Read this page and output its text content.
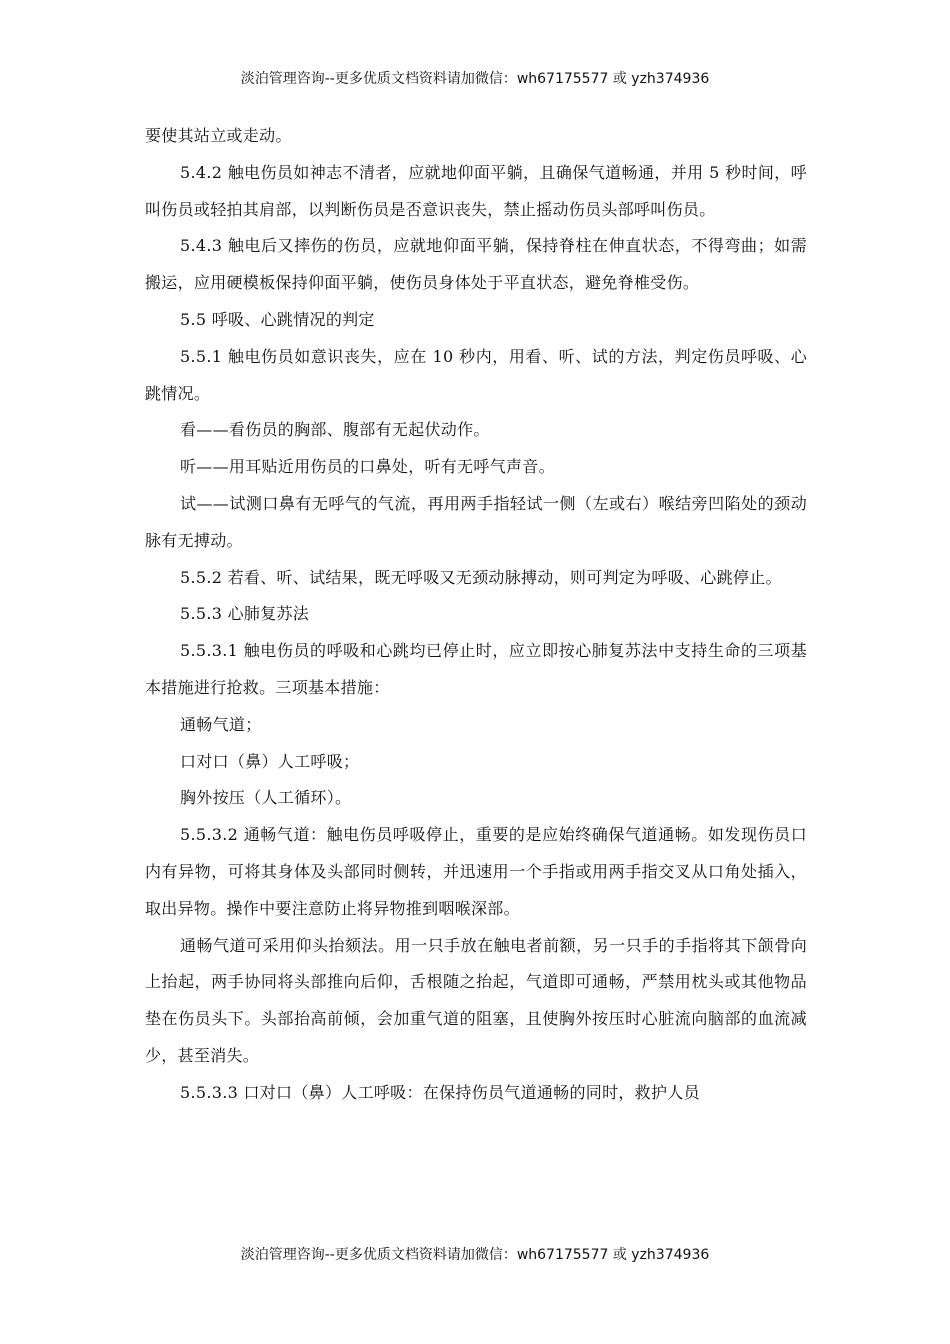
淡泊管理咨询--更多优质文档资料请加微信：wh67175577 或 yzh374936

要使其站立或走动。

5.4.2 触电伤员如神志不清者，应就地仰面平躺，且确保气道畅通，并用 5 秒时间，呼叫伤员或轻拍其肩部，以判断伤员是否意识丧失，禁止摇动伤员头部呼叫伤员。

5.4.3 触电后又摔伤的伤员，应就地仰面平躺，保持脊柱在伸直状态，不得弯曲；如需搬运，应用硬模板保持仰面平躺，使伤员身体处于平直状态，避免脊椎受伤。

5.5 呼吸、心跳情况的判定

5.5.1 触电伤员如意识丧失，应在 10 秒内，用看、听、试的方法，判定伤员呼吸、心跳情况。

看——看伤员的胸部、腹部有无起伏动作。

听——用耳贴近用伤员的口鼻处，听有无呼气声音。

试——试测口鼻有无呼气的气流，再用两手指轻试一侧（左或右）喉结旁凹陷处的颈动脉有无搏动。

5.5.2 若看、听、试结果，既无呼吸又无颈动脉搏动，则可判定为呼吸、心跳停止。

5.5.3 心肺复苏法

5.5.3.1 触电伤员的呼吸和心跳均已停止时，应立即按心肺复苏法中支持生命的三项基本措施进行抢救。三项基本措施：

通畅气道；

口对口（鼻）人工呼吸；

胸外按压（人工循环）。

5.5.3.2 通畅气道：触电伤员呼吸停止，重要的是应始终确保气道通畅。如发现伤员口内有异物，可将其身体及头部同时侧转，并迅速用一个手指或用两手指交叉从口角处插入，取出异物。操作中要注意防止将异物推到咽喉深部。

通畅气道可采用仰头抬颏法。用一只手放在触电者前额，另一只手的手指将其下颌骨向上抬起，两手协同将头部推向后仰，舌根随之抬起，气道即可通畅，严禁用枕头或其他物品垫在伤员头下。头部抬高前倾，会加重气道的阻塞，且使胸外按压时心脏流向脑部的血流减少，甚至消失。

5.5.3.3 口对口（鼻）人工呼吸：在保持伤员气道通畅的同时，救护人员

淡泊管理咨询--更多优质文档资料请加微信：wh67175577 或 yzh374936
